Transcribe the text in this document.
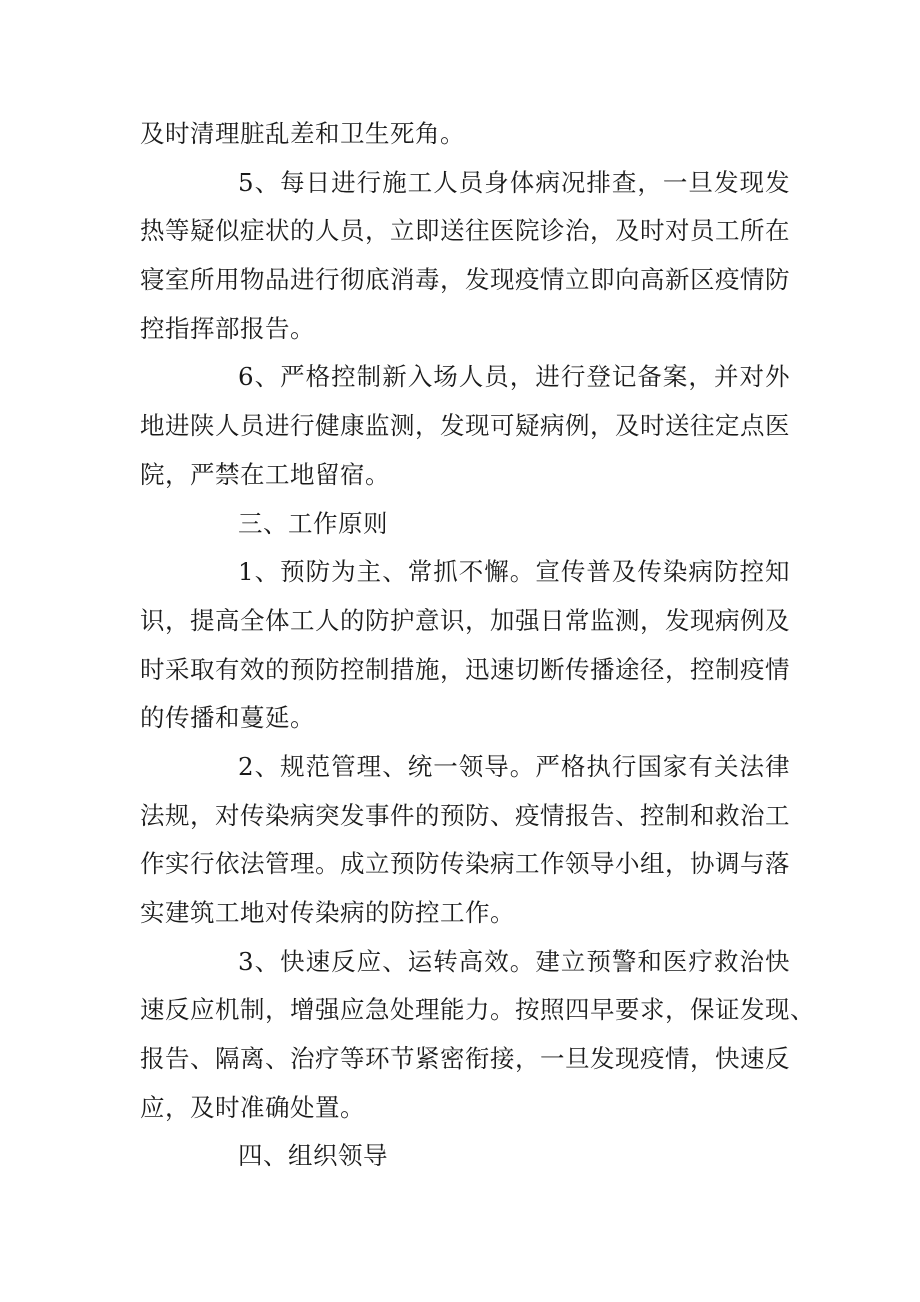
及时清理脏乱差和卫生死角。
5、每日进行施工人员身体病况排查，一旦发现发
热等疑似症状的人员，立即送往医院诊治，及时对员工所在
寝室所用物品进行彻底消毒，发现疫情立即向高新区疫情防
控指挥部报告。
6、严格控制新入场人员，进行登记备案，并对外
地进陕人员进行健康监测，发现可疑病例，及时送往定点医
院，严禁在工地留宿。
三、工作原则
1、预防为主、常抓不懈。宣传普及传染病防控知
识，提高全体工人的防护意识，加强日常监测，发现病例及
时采取有效的预防控制措施，迅速切断传播途径，控制疫情
的传播和蔓延。
2、规范管理、统一领导。严格执行国家有关法律
法规，对传染病突发事件的预防、疫情报告、控制和救治工
作实行依法管理。成立预防传染病工作领导小组，协调与落
实建筑工地对传染病的防控工作。
3、快速反应、运转高效。建立预警和医疗救治快
速反应机制，增强应急处理能力。按照四早要求，保证发现、
报告、隔离、治疗等环节紧密衔接，一旦发现疫情，快速反
应，及时准确处置。
四、组织领导
